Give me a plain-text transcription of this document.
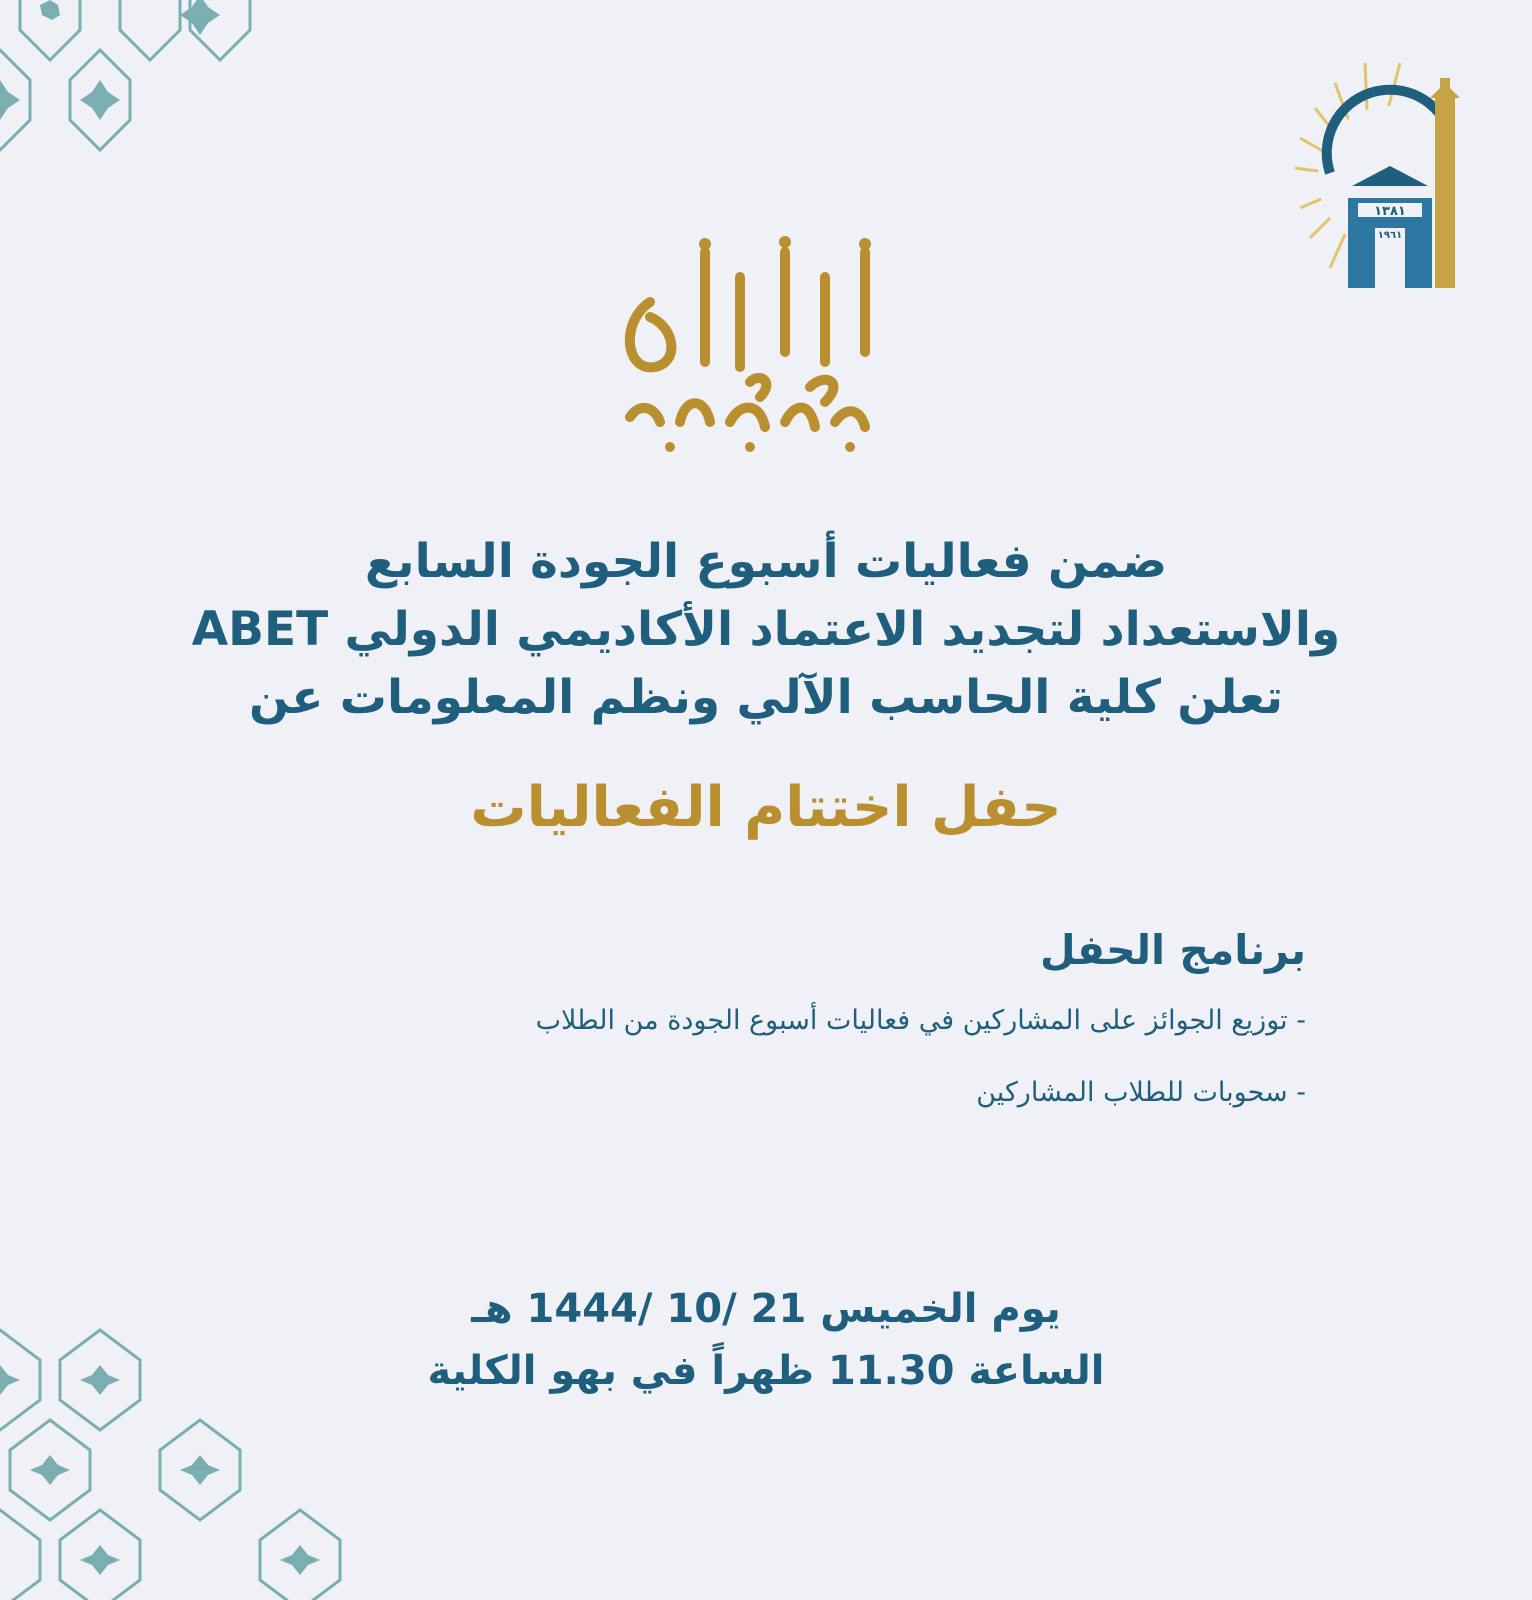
١٣٨١
١٩٦١
ضمن فعاليات أسبوع الجودة السابع
والاستعداد لتجديد الاعتماد الأكاديمي الدولي ABET
تعلن كلية الحاسب الآلي ونظم المعلومات عن
حفل اختتام الفعاليات
برنامج الحفل
- توزيع الجوائز على المشاركين في فعاليات أسبوع الجودة من الطلاب
- سحوبات للطلاب المشاركين
يوم الخميس 21 /10 /1444 هـ
الساعة 11.30 ظهراً في بهو الكلية
